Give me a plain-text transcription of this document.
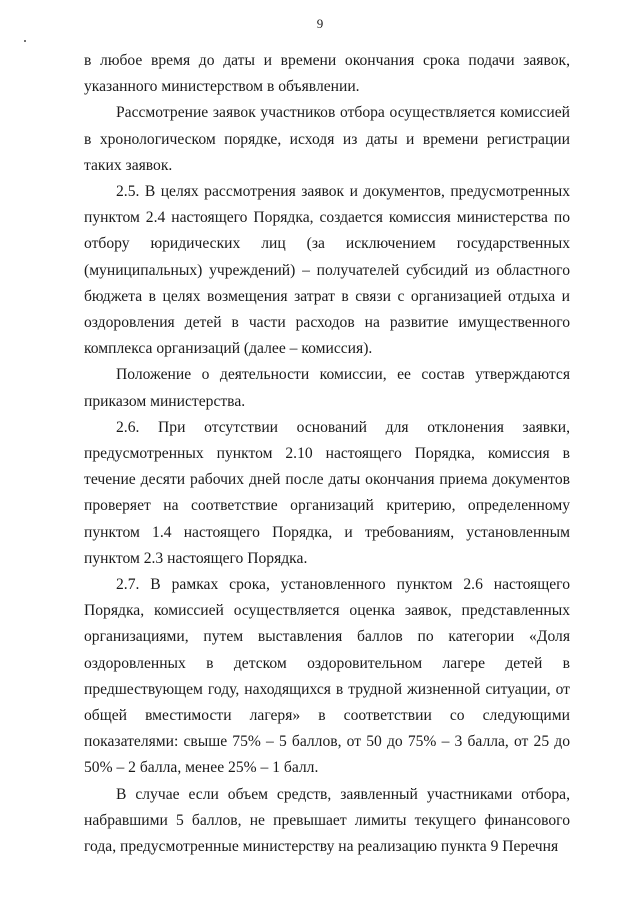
9

в любое время до даты и времени окончания срока подачи заявок, указанного министерством в объявлении.

Рассмотрение заявок участников отбора осуществляется комиссией в хронологическом порядке, исходя из даты и времени регистрации таких заявок.

2.5. В целях рассмотрения заявок и документов, предусмотренных пунктом 2.4 настоящего Порядка, создается комиссия министерства по отбору юридических лиц (за исключением государственных (муниципальных) учреждений) – получателей субсидий из областного бюджета в целях возмещения затрат в связи с организацией отдыха и оздоровления детей в части расходов на развитие имущественного комплекса организаций (далее – комиссия).

Положение о деятельности комиссии, ее состав утверждаются приказом министерства.

2.6. При отсутствии оснований для отклонения заявки, предусмотренных пунктом 2.10 настоящего Порядка, комиссия в течение десяти рабочих дней после даты окончания приема документов проверяет на соответствие организаций критерию, определенному пунктом 1.4 настоящего Порядка, и требованиям, установленным пунктом 2.3 настоящего Порядка.

2.7. В рамках срока, установленного пунктом 2.6 настоящего Порядка, комиссией осуществляется оценка заявок, представленных организациями, путем выставления баллов по категории «Доля оздоровленных в детском оздоровительном лагере детей в предшествующем году, находящихся в трудной жизненной ситуации, от общей вместимости лагеря» в соответствии со следующими показателями: свыше 75% – 5 баллов, от 50 до 75% – 3 балла, от 25 до 50% – 2 балла, менее 25% – 1 балл.

В случае если объем средств, заявленный участниками отбора, набравшими 5 баллов, не превышает лимиты текущего финансового года, предусмотренные министерству на реализацию пункта 9 Перечня
